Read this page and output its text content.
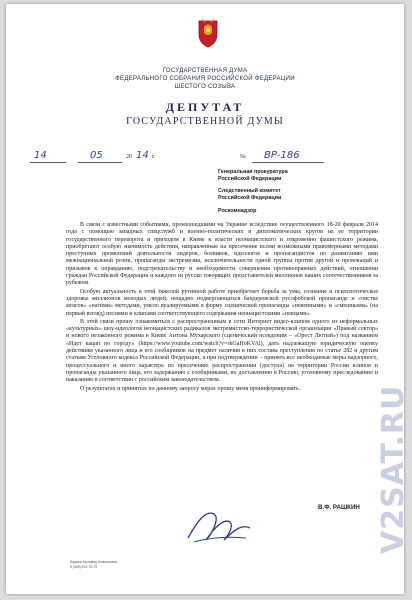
ГОСУДАРСТВЕННАЯ ДУМА
ФЕДЕРАЛЬНОГО СОБРАНИЯ РОССИЙСКОЙ ФЕДЕРАЦИИ
ШЕСТОГО СОЗЫВА
ДЕПУТАТ
ГОСУДАРСТВЕННОЙ ДУМЫ
14	05	20 14 г.	№ ВР-186
Генеральная прокуратура
Российской Федерации
Следственный комитет
Российской Федерации
Роскомнадзор

В связи с известными событиями, произошедшими на Украине вследствие осуществленного 18-20 февраля 2014 года с помощью западных спецслужб и военно-политических и дипломатических кругов на ее территории государственного переворота и приходом в Киеве к власти неонацистского и откровенно фашистского режима, приобретают особую значимость действия, направленные на пресечение всеми возможными правомерными методами преступных проявлений деятельности лидеров, боевиков, идеологов и пропагандистов по разжиганию ими межнациональной розни, пропаганды экстремизма, исключительности одной группы против другой и провокаций и призывов к оправданию, подстрекательству и необходимости совершения противоправных действий, отношении граждан Российской Федерации и каждого из русско говорящих представителей миллионов наших соотечественников за рубежом.

Особую актуальность в этой тяжелой рутинной работе приобретает борьба за умы, сознание и психологическое здоровье миллионов молодых людей, нещадно подвергающихся бандеровской русофобской пропаганде и «чистке мозгов» «нагими» методами, умело вуалируемыми в форму сценической пропаганды «певенными» и «смешными» (на первый взгляд) песнями и клипами соответствующего содержания неонацистскими «певцами».

В этой связи прошу ознакомиться с распространенным в сети Интернет видео-клипом одного из неформальных «культурных» шоу-идеологов неонацистских радикалов экстремистско-террористической организации «Правый сектор» и нового незаконного режима в Киеве Антона Мухарского (сценический псевдоним – «Орест Лютый») под названием «Идет кацап по городу» (https://www.youtube.com/watch?v=rkGaHoKVAl), дать надлежащую юридическую оценку действиям указанного лица и его сообщников на предмет наличия в них состава преступления по статье 282 и другим статьям Уголовного кодекса Российской Федерации, а при подтверждении – принять все необходимые меры надзорного, процессуального и иного характера по пресечению распространения (доступа) на территории России клипов и пропаганды указанного лица, его задержанию с сообщниками, их доставлению в Россию, уголовному преследованию и наказанию в соответствии с российским законодательством.

О результатах и принятых по данному запросу мерах прошу меня проинформировать.

В.Ф. РАШКИН
Бадаев Мухамед Исмаилович
8 (495) 692-76-79
V2SAT.RU
